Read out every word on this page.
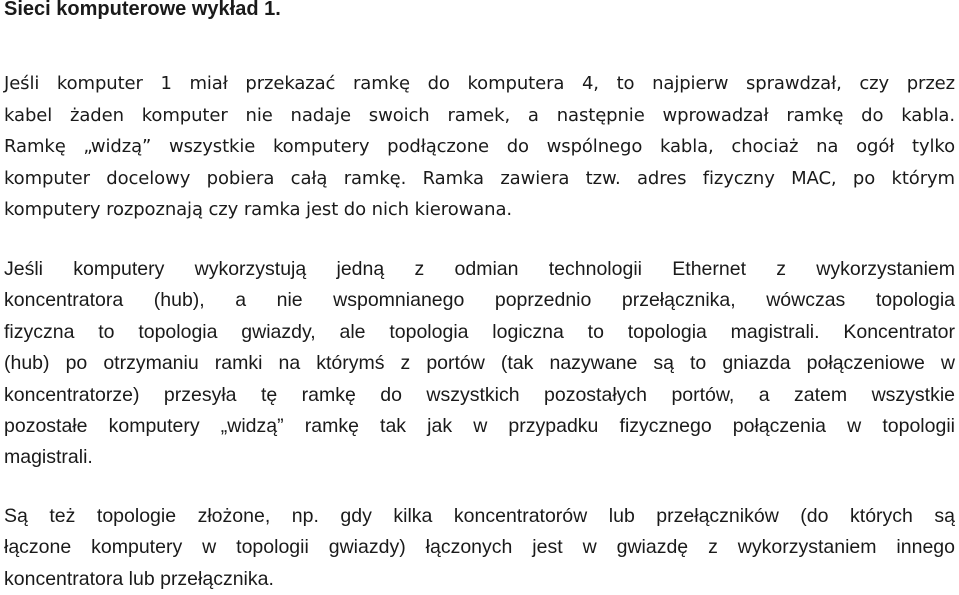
Sieci komputerowe wykład 1.
Jeśli komputer 1 miał przekazać ramkę do komputera 4, to najpierw sprawdzał, czy przez
kabel żaden komputer nie nadaje swoich ramek, a następnie wprowadzał ramkę do kabla.
Ramkę „widzą” wszystkie komputery podłączone do wspólnego kabla, chociaż na ogół tylko
komputer docelowy pobiera całą ramkę. Ramka zawiera tzw. adres fizyczny MAC, po którym
komputery rozpoznają czy ramka jest do nich kierowana.
Jeśli komputery wykorzystują jedną z odmian technologii Ethernet z wykorzystaniem
koncentratora (hub), a nie wspomnianego poprzednio przełącznika, wówczas topologia
fizyczna to topologia gwiazdy, ale topologia logiczna to topologia magistrali. Koncentrator
(hub) po otrzymaniu ramki na którymś z portów (tak nazywane są to gniazda połączeniowe w
koncentratorze) przesyła tę ramkę do wszystkich pozostałych portów, a zatem wszystkie
pozostałe komputery „widzą” ramkę tak jak w przypadku fizycznego połączenia w topologii
magistrali.
Są też topologie złożone, np. gdy kilka koncentratorów lub przełączników (do których są
łączone komputery w topologii gwiazdy) łączonych jest w gwiazdę z wykorzystaniem innego
koncentratora lub przełącznika.
